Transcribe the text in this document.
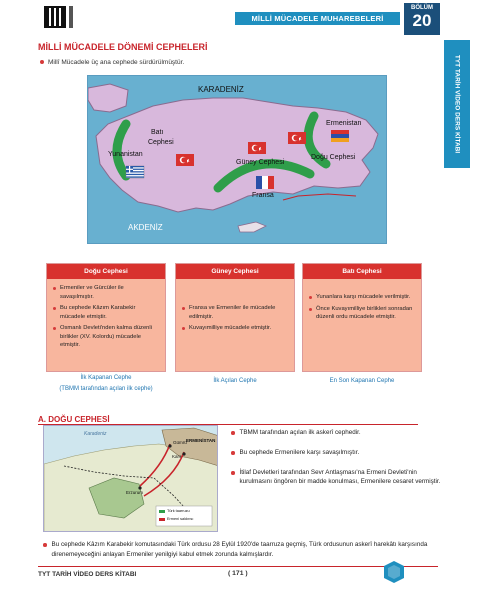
MİLLİ MÜCADELE MUHAREBELERİ DÖNEMİ
BÖLÜM
20
TYT TARİH VİDEO DERS KİTABI
MİLLİ MÜCADELE DÖNEMİ CEPHELERİ
Millî Mücadele üç ana cephede sürdürülmüştür.
KARADENİZ
AKDENİZ
Batı
Cephesi
Yunanistan
Güney Cephesi
Fransa
Ermenistan
Doğu Cephesi
Doğu Cephesi
Ermeniler ve Gürcüler ile savaşılmıştır.
Bu cephede Kâzım Karabekir mücadele etmiştir.
Osmanlı Devleti'nden kalma düzenli birlikler (XV. Kolordu) mücadele etmiştir.
İlk Kapanan Cephe
(TBMM tarafından açılan ilk cephe)
Güney Cephesi
Fransa ve Ermeniler ile mücadele edilmiştir.
Kuvayımilliye mücadele etmiştir.
İlk Açılan Cephe
Batı Cephesi
Yunanlara karşı mücadele verilmiştir.
Önce Kuvayımilliye birlikleri sonradan düzenli ordu mücadele etmiştir.
En Son Kapanan Cephe
A. DOĞU CEPHESİ
Karadeniz
ERMENİSTAN
Kars
Gümrü
Erzurum
Türk taarruzu
Ermeni saldırısı
TBMM tarafından açılan ilk askerî cephedir.
Bu cephede Ermenilere karşı savaşılmıştır.
İtilaf Devletleri tarafından Sevr Antlaşması'na Ermeni Devleti'nin kurulmasını öngören bir madde konulması, Ermenilere cesaret vermiştir.
Bu cephede Kâzım Karabekir komutasındaki Türk ordusu 28 Eylül 1920'de taarruza geçmiş, Türk ordusunun askerî harekâtı karşısında direnemeyeceğini anlayan Ermeniler yenilgiyi kabul etmek zorunda kalmışlardır.
TYT TARİH VİDEO DERS KİTABI	( 171 )
